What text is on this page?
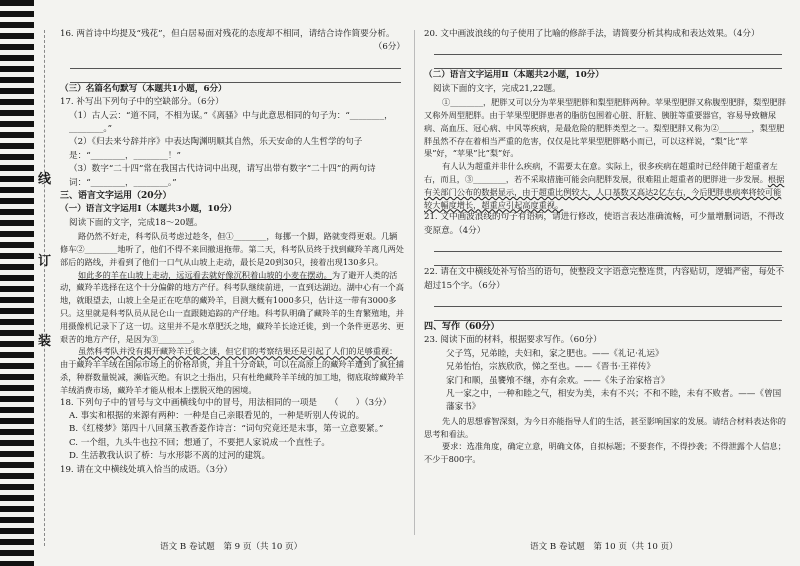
线
订
装

16. 两首诗中均提及“残花”，但白居易面对残花的态度却不相同，请结合诗作简要分析。

（6分）

（三）名篇名句默写（本题共1小题，6分）

17. 补写出下列句子中的空缺部分。（6分）

（1）古人云：“道不同，不相为谋。”《离骚》中与此意思相同的句子为：“________，________。”

（2）《归去来兮辞并序》中表达陶渊明顺其自然，乐天安命的人生哲学的句子是：“________，________！”

（3）数字“二十四”常在我国古代诗词中出现，请写出带有数字“二十四”的两句诗词：“________，________。”

三、语言文字运用（20分）

（一）语言文字运用Ⅰ（本题共3小题，10分）

阅读下面的文字，完成18～20题。

路仍然不好走，科考队员考虑过趁冬，但①________，每挪一个脚，路就变得更艰。几辆修车②________地听了，他们不得不来回撤退拖带。第二天，科考队员终于找到藏羚羊离几两处部后的路线，并看到了他们一口气从山坡上走动，最长是20到30只，接着出现130多只。

如此多的羊在山坡上走动，远远看去就好像沉积着山坡的小麦在摆动。为了避开人类的活动，藏羚羊选择在这个十分偏僻的地方产仔。科考队继续前进，一直到达湖边。湖中心有一个高地，就眼望去，山坡上全是正在吃草的藏羚羊，目测大概有1000多只，估计这一带有3000多只。这里就是科考队员从昆仑山一直跟随追踪的产仔地。科考队明确了藏羚羊的生育繁殖地，并用摄像机记录下了这一切。这里并不是水草肥沃之地，藏羚羊长途迁徙，到一个条件更恶劣、更艰苦的地方产仔，是因为③________。

虽然科考队并没有揭开藏羚羊迁徙之谜，但它们的考察结果还是引起了人们的足够重视：由于藏羚羊羊绒在国际市场上的价格昂贵，并且十分奇缺，可以在高原上的藏羚羊遭到了疯狂捕杀，种群数量锐减，濒临灭绝。有识之士指出，只有杜绝藏羚羊羊绒的加工地，彻底取缔藏羚羊羊绒消费市场，藏羚羊才能从根本上摆脱灭绝的困境。

18. 下列句子中的冒号与文中画横线句中的冒号，用法相同的一项是　　（　　）（3分）

A. 事实和根据的来源有两种：一种是自己亲眼看见的，一种是听别人传说的。

B.《红楼梦》第四十八回黛玉教香菱作诗言：“词句究竟还是末事，第一立意要紧。”

C. 一个组，九头牛也拉不回；想通了，不要把人家说成一个直性子。

D. 生活教我认识了桥：与水形影不离的过河的建筑。

19. 请在文中横线处填入恰当的成语。（3分）

语文 B 卷试题　第 9 页（共 10 页）

20. 文中画波浪线的句子使用了比喻的修辞手法，请简要分析其构成和表达效果。（4分）

（二）语言文字运用Ⅱ（本题共2小题，10分）

阅读下面的文字，完成21,22题。

①________，肥胖又可以分为苹果型肥胖和梨型肥胖两种。苹果型肥胖又称腹型肥胖，梨型肥胖又称外周型肥胖。由于苹果型肥胖患者的脂肪包围着心脏、肝脏、胰脏等重要器官，容易导致糖尿病、高血压、冠心病、中风等疾病，是最危险的肥胖类型之一。梨型肥胖又称为②________，梨型肥胖虽然不存在着相当严重的危害，仅仅是比苹果型肥胖略小而已，可以这样说，“梨”比“苹果”好，“苹果”比“梨”好。

有人认为超重并非什么疾病，不需要太在意。实际上，很多疾病在超重时已经伴随于超重者左右，而且，③________，若不采取措施可能会向肥胖发展，很难阻止超重者的肥胖进一步发展。根据有关部门公布的数据显示，由于超重比例较大，人口基数又高达2亿左右，今后肥胖患病率将较可能较大幅度增长，超重应引起高度重视。

21. 文中画波浪线的句子有语病，请进行修改，使语言表达准确流畅，可少量增删词语，不得改变原意。（4分）

22. 请在文中横线处补写恰当的语句，使整段文字语意完整连贯，内容贴切，逻辑严密，每处不超过15个字。（6分）

四、写作（60分）

23. 阅读下面的材料，根据要求写作。（60分）

父子笃，兄弟睦，夫妇和，家之肥也。——《礼记·礼运》

兄弟怡怡，宗族欣欣，悌之至也。——《晋书·王祥传》

家门和顺，虽饔飧不继，亦有余欢。——《朱子治家格言》

凡一家之中，一种和睦之气，相安为美，未有不兴；不和不睦，未有不败者。——《曾国藩家书》

先人的思想睿智深刻，为今日亦能指导人们的生活，甚至影响国家的发展。请结合材料表达你的思考和看法。

要求：选准角度，确定立意，明确文体，自拟标题；不要套作，不得抄袭；不得泄露个人信息；不少于800字。

语文 B 卷试题　第 10 页（共 10 页）
